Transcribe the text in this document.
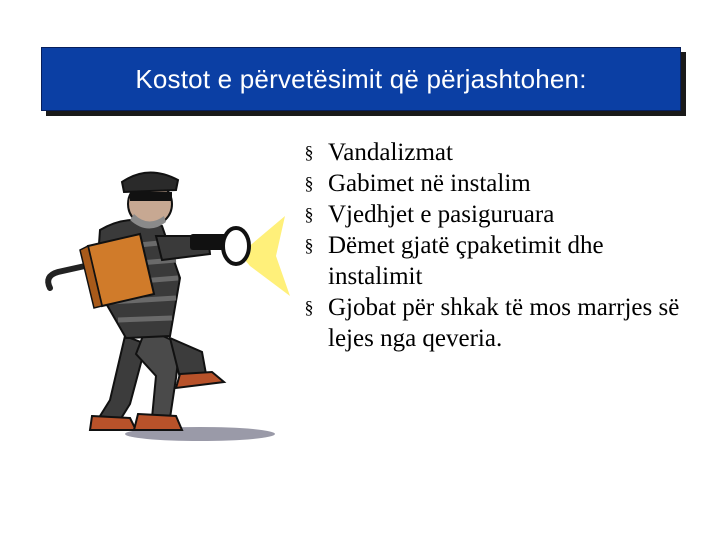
Kostot e përvetësimit që përjashtohen:
§ Vandalizmat
§ Gabimet në instalim
§ Vjedhjet e pasiguruara
§ Dëmet gjatë çpaketimit dhe instalimit
§ Gjobat për shkak të mos marrjes së lejes nga qeveria.
